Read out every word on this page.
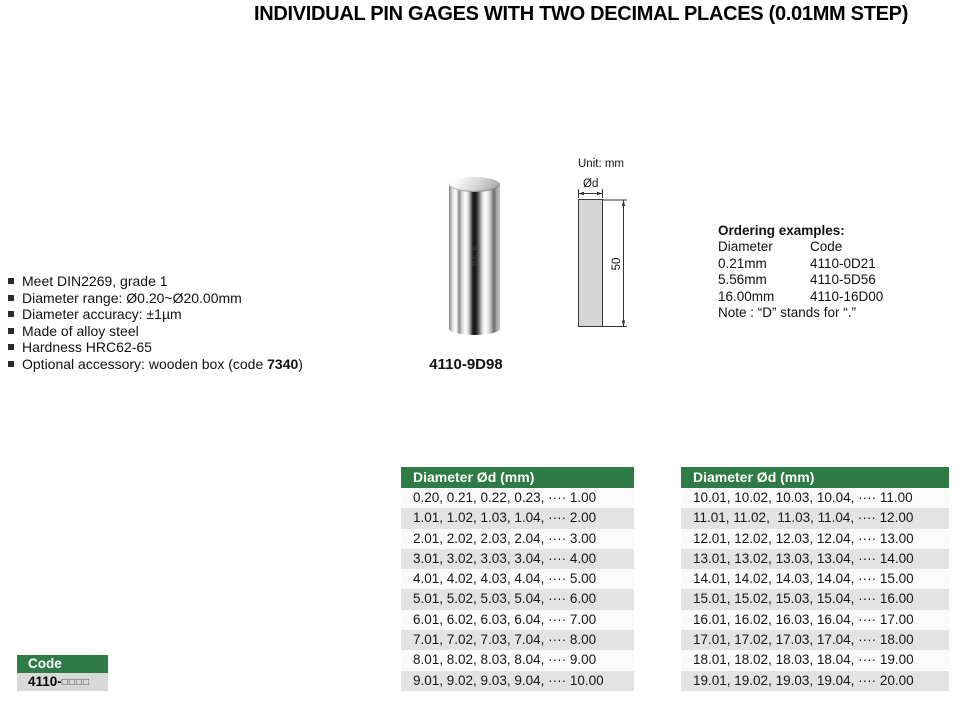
INDIVIDUAL PIN GAGES WITH TWO DECIMAL PLACES (0.01MM STEP)
Meet DIN2269, grade 1
Diameter range: Ø0.20~Ø20.00mm
Diameter accuracy: ±1µm
Made of alloy steel
Hardness HRC62-65
Optional accessory: wooden box (code 7340)
9.98
4110-9D98
Unit: mm
Ød
50
Ordering examples:
Diameter	Code
0.21mm	4110-0D21
5.56mm	4110-5D56
16.00mm	4110-16D00
Note : “D” stands for “.”
Diameter Ød (mm)
0.20, 0.21, 0.22, 0.23, ···· 1.00
1.01, 1.02, 1.03, 1.04, ···· 2.00
2.01, 2.02, 2.03, 2.04, ···· 3.00
3.01, 3.02, 3.03, 3.04, ···· 4.00
4.01, 4.02, 4.03, 4.04, ···· 5.00
5.01, 5.02, 5.03, 5.04, ···· 6.00
6.01, 6.02, 6.03, 6.04, ···· 7.00
7.01, 7.02, 7.03, 7.04, ···· 8.00
8.01, 8.02, 8.03, 8.04, ···· 9.00
9.01, 9.02, 9.03, 9.04, ···· 10.00
Diameter Ød (mm)
10.01, 10.02, 10.03, 10.04, ···· 11.00
11.01, 11.02,  11.03, 11.04, ···· 12.00
12.01, 12.02, 12.03, 12.04, ···· 13.00
13.01, 13.02, 13.03, 13.04, ···· 14.00
14.01, 14.02, 14.03, 14.04, ···· 15.00
15.01, 15.02, 15.03, 15.04, ···· 16.00
16.01, 16.02, 16.03, 16.04, ···· 17.00
17.01, 17.02, 17.03, 17.04, ···· 18.00
18.01, 18.02, 18.03, 18.04, ···· 19.00
19.01, 19.02, 19.03, 19.04, ···· 20.00
Code
4110-□□□□
